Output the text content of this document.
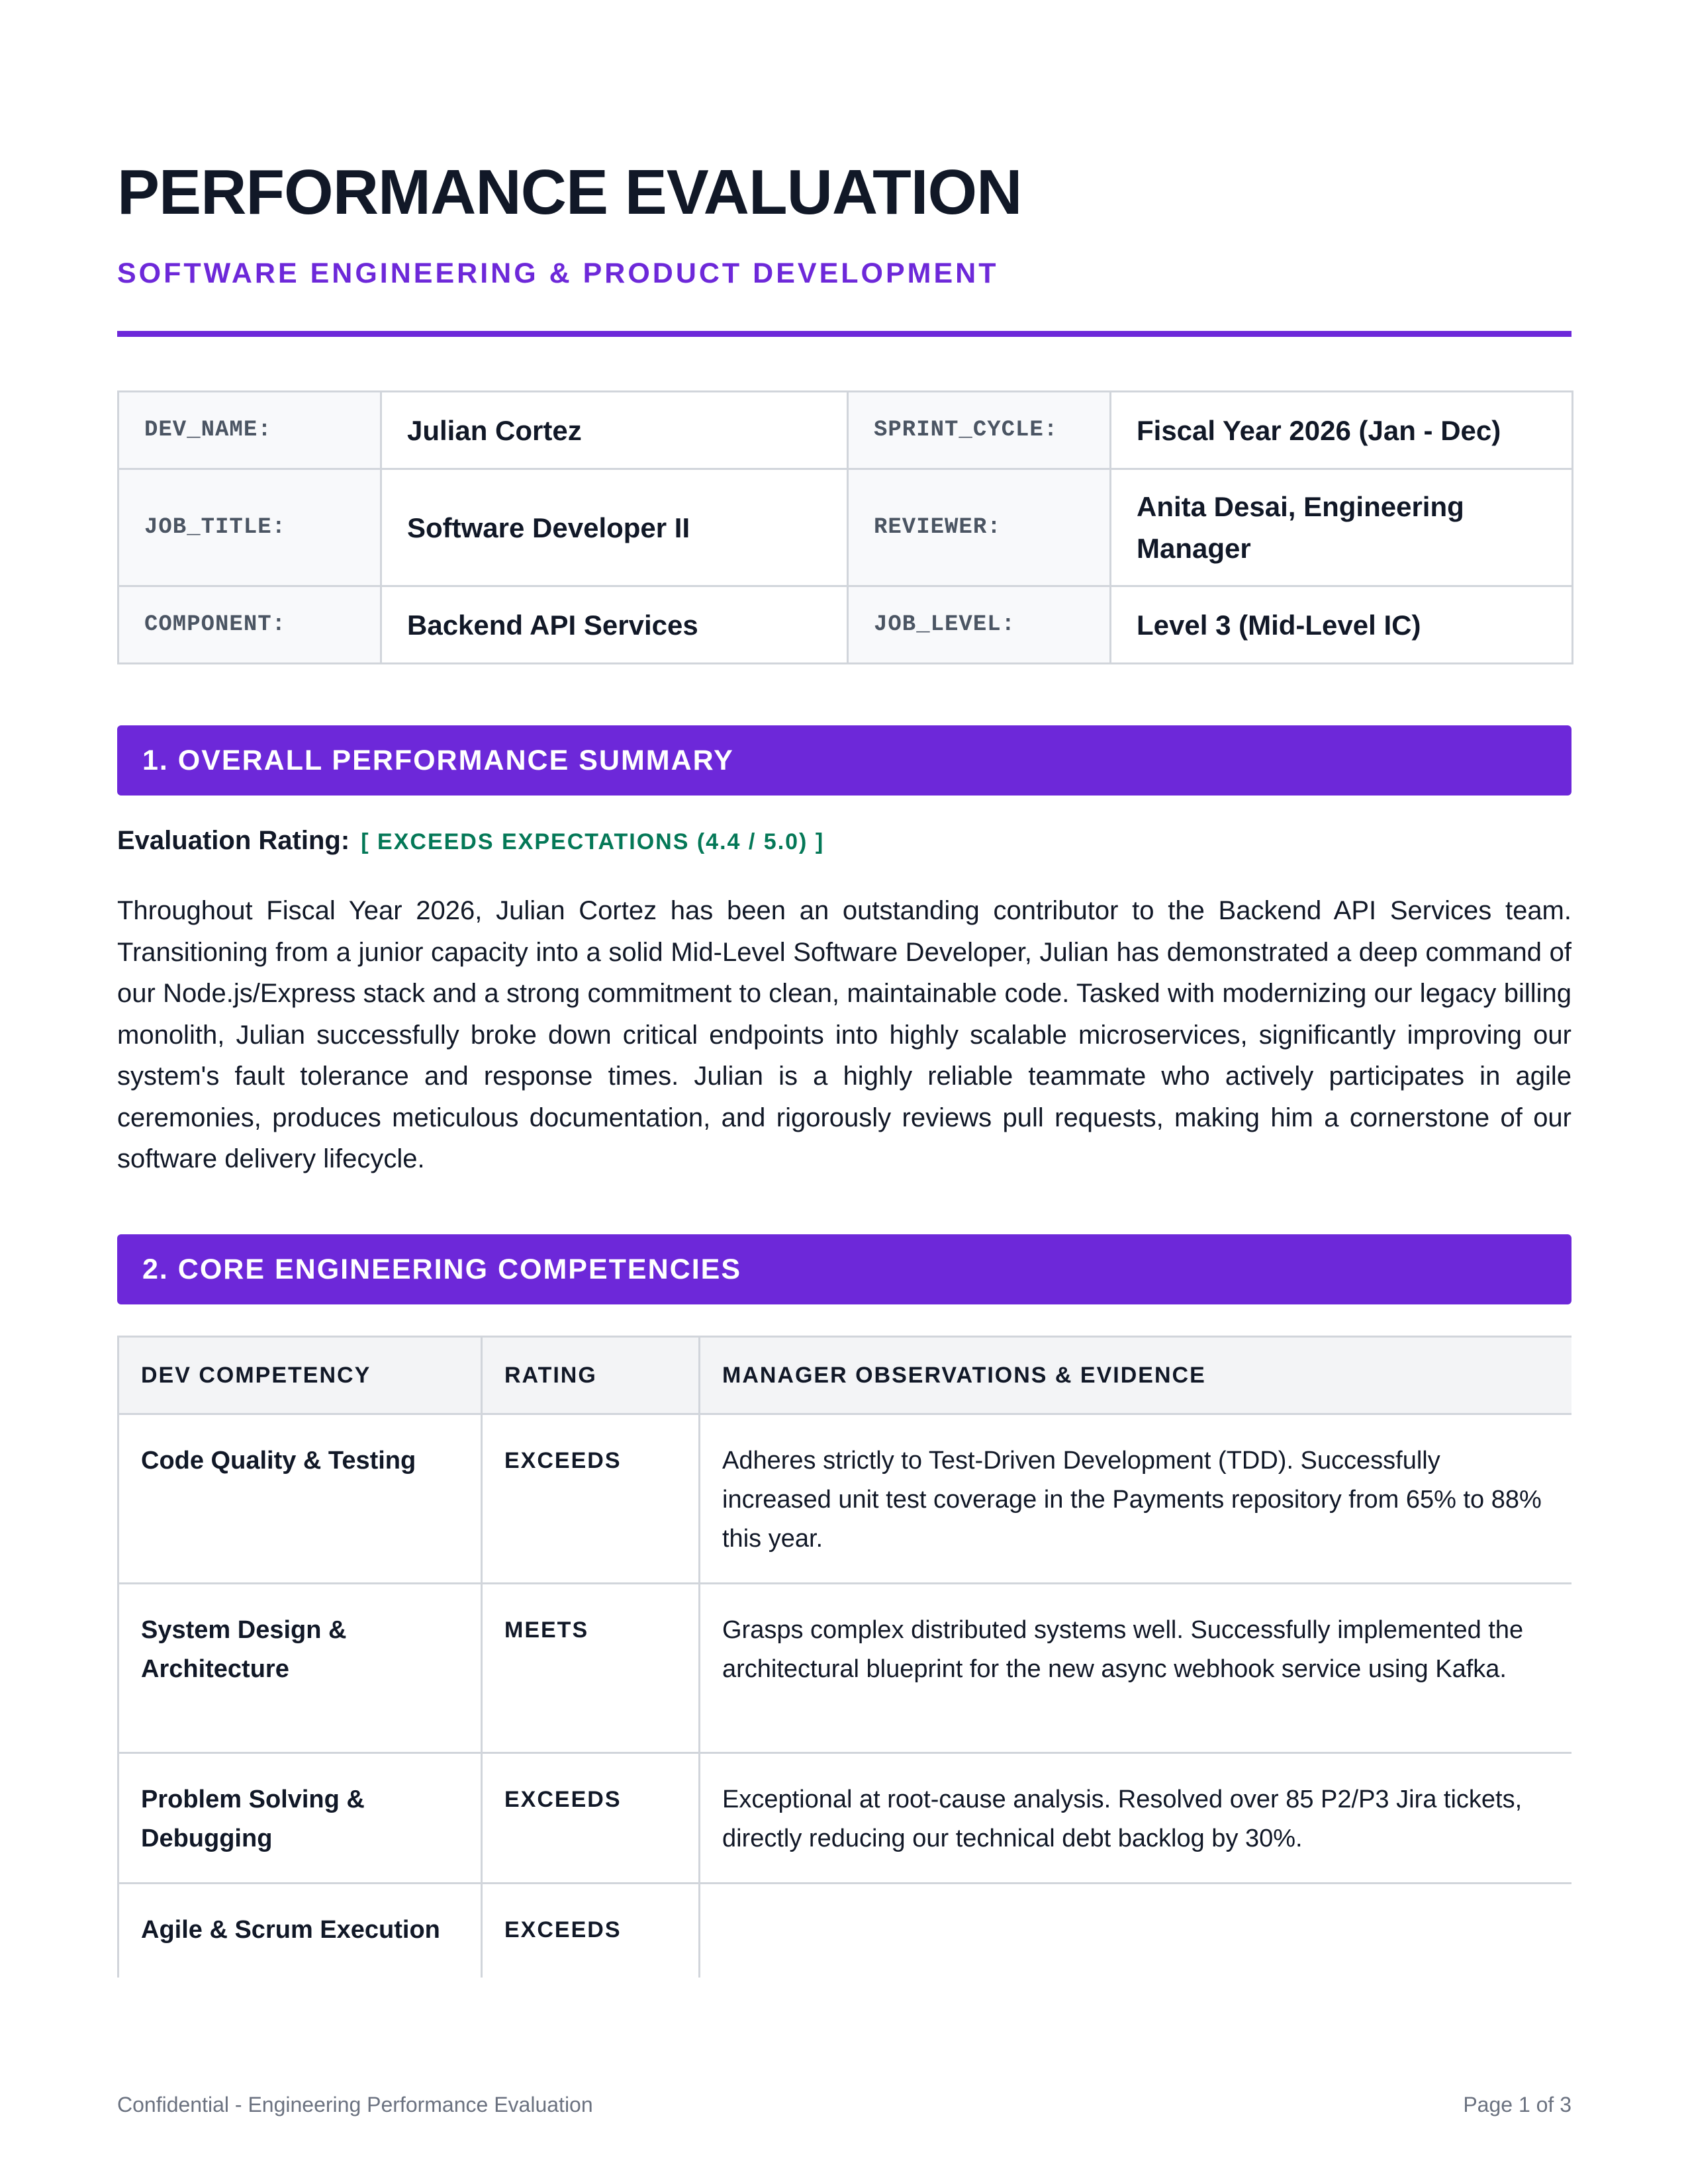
PERFORMANCE EVALUATION
SOFTWARE ENGINEERING & PRODUCT DEVELOPMENT
DEV_NAME:	Julian Cortez	SPRINT_CYCLE:	Fiscal Year 2026 (Jan - Dec)
JOB_TITLE:	Software Developer II	REVIEWER:	Anita Desai, Engineering Manager
COMPONENT:	Backend API Services	JOB_LEVEL:	Level 3 (Mid-Level IC)
1. OVERALL PERFORMANCE SUMMARY
Evaluation Rating: [ EXCEEDS EXPECTATIONS (4.4 / 5.0) ]

Throughout Fiscal Year 2026, Julian Cortez has been an outstanding contributor to the Backend API Services team. Transitioning from a junior capacity into a solid Mid-Level Software Developer, Julian has demonstrated a deep command of our Node.js/Express stack and a strong commitment to clean, maintainable code. Tasked with modernizing our legacy billing monolith, Julian successfully broke down critical endpoints into highly scalable microservices, significantly improving our system's fault tolerance and response times. Julian is a highly reliable teammate who actively participates in agile ceremonies, produces meticulous documentation, and rigorously reviews pull requests, making him a cornerstone of our software delivery lifecycle.

2. CORE ENGINEERING COMPETENCIES
DEV COMPETENCY	RATING	MANAGER OBSERVATIONS & EVIDENCE
Code Quality & Testing	EXCEEDS	Adheres strictly to Test-Driven Development (TDD). Successfully increased unit test coverage in the Payments repository from 65% to 88% this year.
System Design & Architecture	MEETS	Grasps complex distributed systems well. Successfully implemented the architectural blueprint for the new async webhook service using Kafka.
Problem Solving & Debugging	EXCEEDS	Exceptional at root-cause analysis. Resolved over 85 P2/P3 Jira tickets, directly reducing our technical debt backlog by 30%.
Agile & Scrum Execution	EXCEEDS	
Confidential - Engineering Performance Evaluation	Page 1 of 3
